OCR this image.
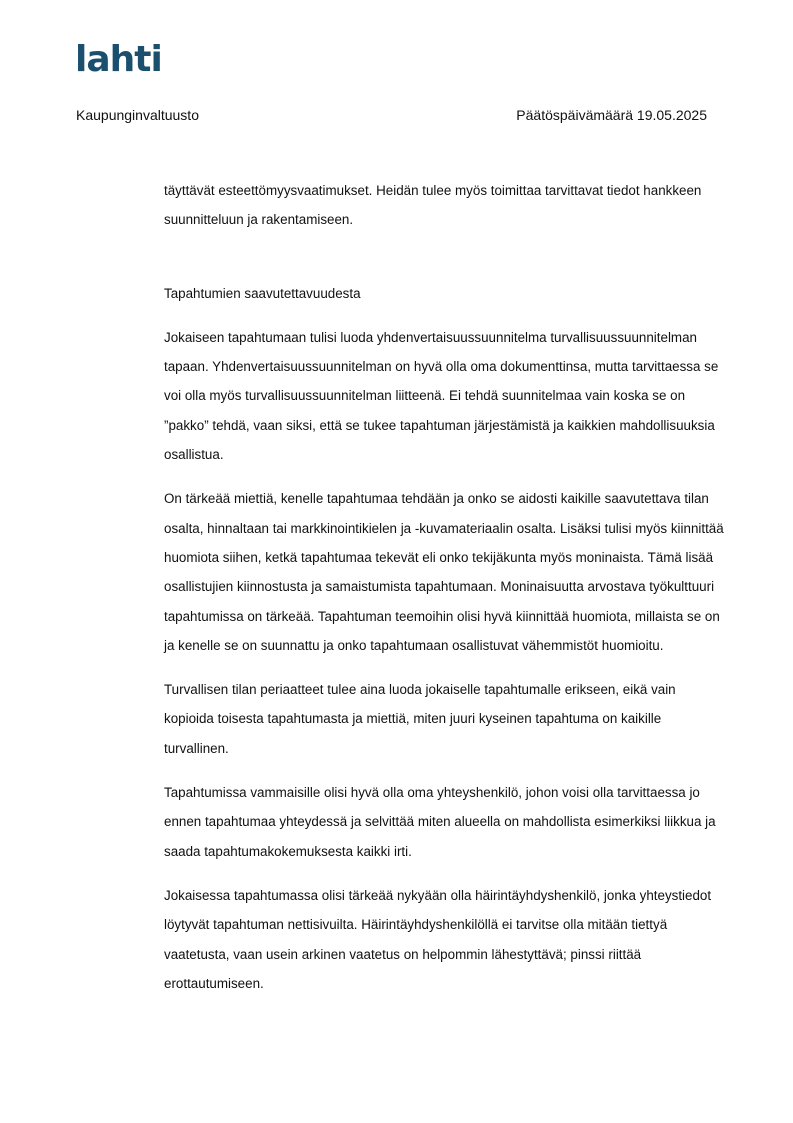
lahti
Kaupunginvaltuusto	Päätöspäivämäärä 19.05.2025

täyttävät esteettömyysvaatimukset. Heidän tulee myös toimittaa tarvittavat tiedot hankkeen suunnitteluun ja rakentamiseen.

Tapahtumien saavutettavuudesta

Jokaiseen tapahtumaan tulisi luoda yhdenvertaisuussuunnitelma turvallisuussuunnitelman tapaan. Yhdenvertaisuussuunnitelman on hyvä olla oma dokumenttinsa, mutta tarvittaessa se voi olla myös turvallisuussuunnitelman liitteenä. Ei tehdä suunnitelmaa vain koska se on ”pakko” tehdä, vaan siksi, että se tukee tapahtuman järjestämistä ja kaikkien mahdollisuuksia osallistua.

On tärkeää miettiä, kenelle tapahtumaa tehdään ja onko se aidosti kaikille saavutettava tilan osalta, hinnaltaan tai markkinointikielen ja -kuvamateriaalin osalta. Lisäksi tulisi myös kiinnittää huomiota siihen, ketkä tapahtumaa tekevät eli onko tekijäkunta myös moninaista. Tämä lisää osallistujien kiinnostusta ja samaistumista tapahtumaan. Moninaisuutta arvostava työkulttuuri tapahtumissa on tärkeää. Tapahtuman teemoihin olisi hyvä kiinnittää huomiota, millaista se on ja kenelle se on suunnattu ja onko tapahtumaan osallistuvat vähemmistöt huomioitu.

Turvallisen tilan periaatteet tulee aina luoda jokaiselle tapahtumalle erikseen, eikä vain kopioida toisesta tapahtumasta ja miettiä, miten juuri kyseinen tapahtuma on kaikille turvallinen.

Tapahtumissa vammaisille olisi hyvä olla oma yhteyshenkilö, johon voisi olla tarvittaessa jo ennen tapahtumaa yhteydessä ja selvittää miten alueella on mahdollista esimerkiksi liikkua ja saada tapahtumakokemuksesta kaikki irti.

Jokaisessa tapahtumassa olisi tärkeää nykyään olla häirintäyhdyshenkilö, jonka yhteystiedot löytyvät tapahtuman nettisivuilta. Häirintäyhdyshenkilöllä ei tarvitse olla mitään tiettyä vaatetusta, vaan usein arkinen vaatetus on helpommin lähestyttävä; pinssi riittää erottautumiseen.
